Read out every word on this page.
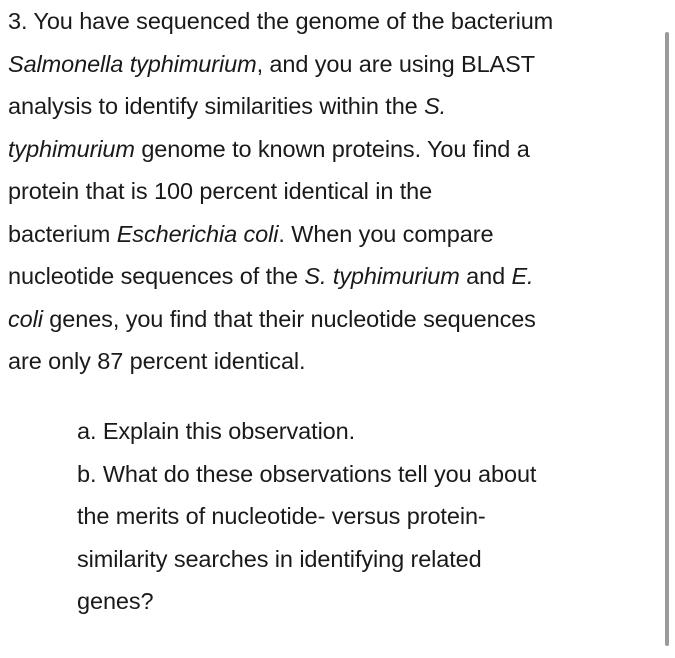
3. You have sequenced the genome of the bacterium
Salmonella typhimurium, and you are using BLAST
analysis to identify similarities within the S.
typhimurium genome to known proteins. You find a
protein that is 100 percent identical in the
bacterium Escherichia coli. When you compare
nucleotide sequences of the S. typhimurium and E.
coli genes, you find that their nucleotide sequences
are only 87 percent identical.
a. Explain this observation.
b. What do these observations tell you about
the merits of nucleotide- versus protein-
similarity searches in identifying related
genes?
